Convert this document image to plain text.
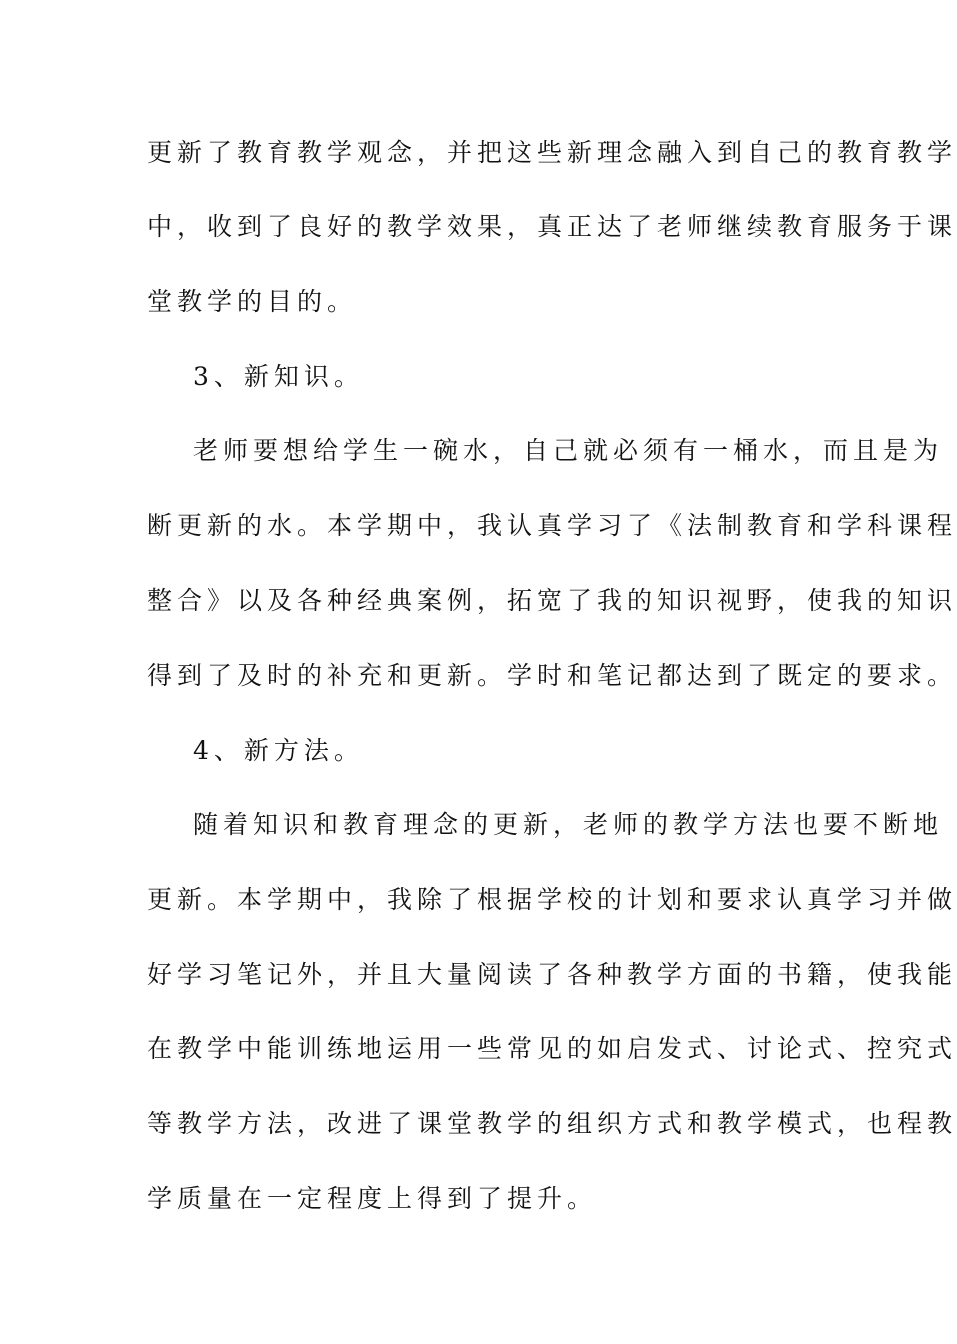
更新了教育教学观念，并把这些新理念融入到自己的教育教学
中，收到了良好的教学效果，真正达了老师继续教育服务于课
堂教学的目的。
3、新知识。
老师要想给学生一碗水，自己就必须有一桶水，而且是为
断更新的水。本学期中，我认真学习了《法制教育和学科课程
整合》以及各种经典案例，拓宽了我的知识视野，使我的知识
得到了及时的补充和更新。学时和笔记都达到了既定的要求。
4、新方法。
随着知识和教育理念的更新，老师的教学方法也要不断地
更新。本学期中，我除了根据学校的计划和要求认真学习并做
好学习笔记外，并且大量阅读了各种教学方面的书籍，使我能
在教学中能训练地运用一些常见的如启发式、讨论式、控究式
等教学方法，改进了课堂教学的组织方式和教学模式，也程教
学质量在一定程度上得到了提升。
